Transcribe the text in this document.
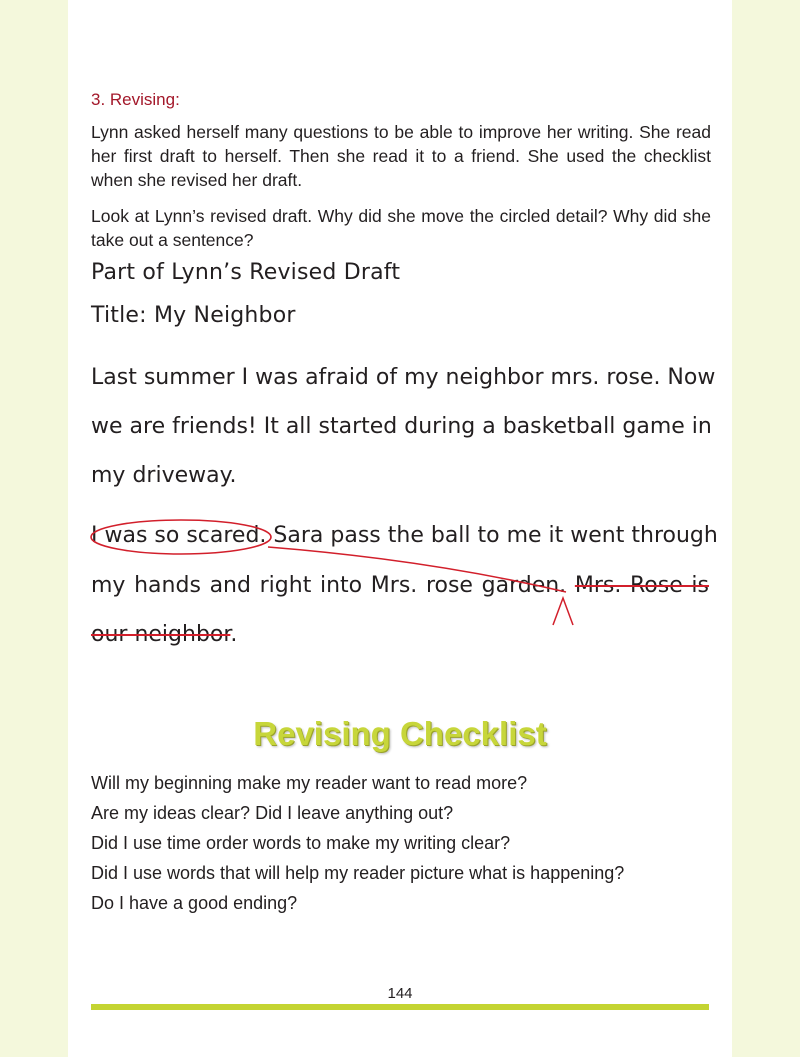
3. Revising:

Lynn asked herself many questions to be able to improve her writing. She read her first draft to herself. Then she read it to a friend. She used the checklist when she revised her draft.

Look at Lynn’s revised draft. Why did she move the circled detail? Why did she take out a sentence?

Part of Lynn’s Revised Draft
Title: My Neighbor
Last summer I was afraid of my neighbor mrs. rose. Now
we are friends! It all started during a basketball game in
my driveway.
I was so scared. Sara pass the ball to me it went through
my hands and right into Mrs. rose garden. Mrs. Rose is
our neighbor.
Revising Checklist
Will my beginning make my reader want to read more?
Are my ideas clear? Did I leave anything out?
Did I use time order words to make my writing clear?
Did I use words that will help my reader picture what is happening?
Do I have a good ending?
144
